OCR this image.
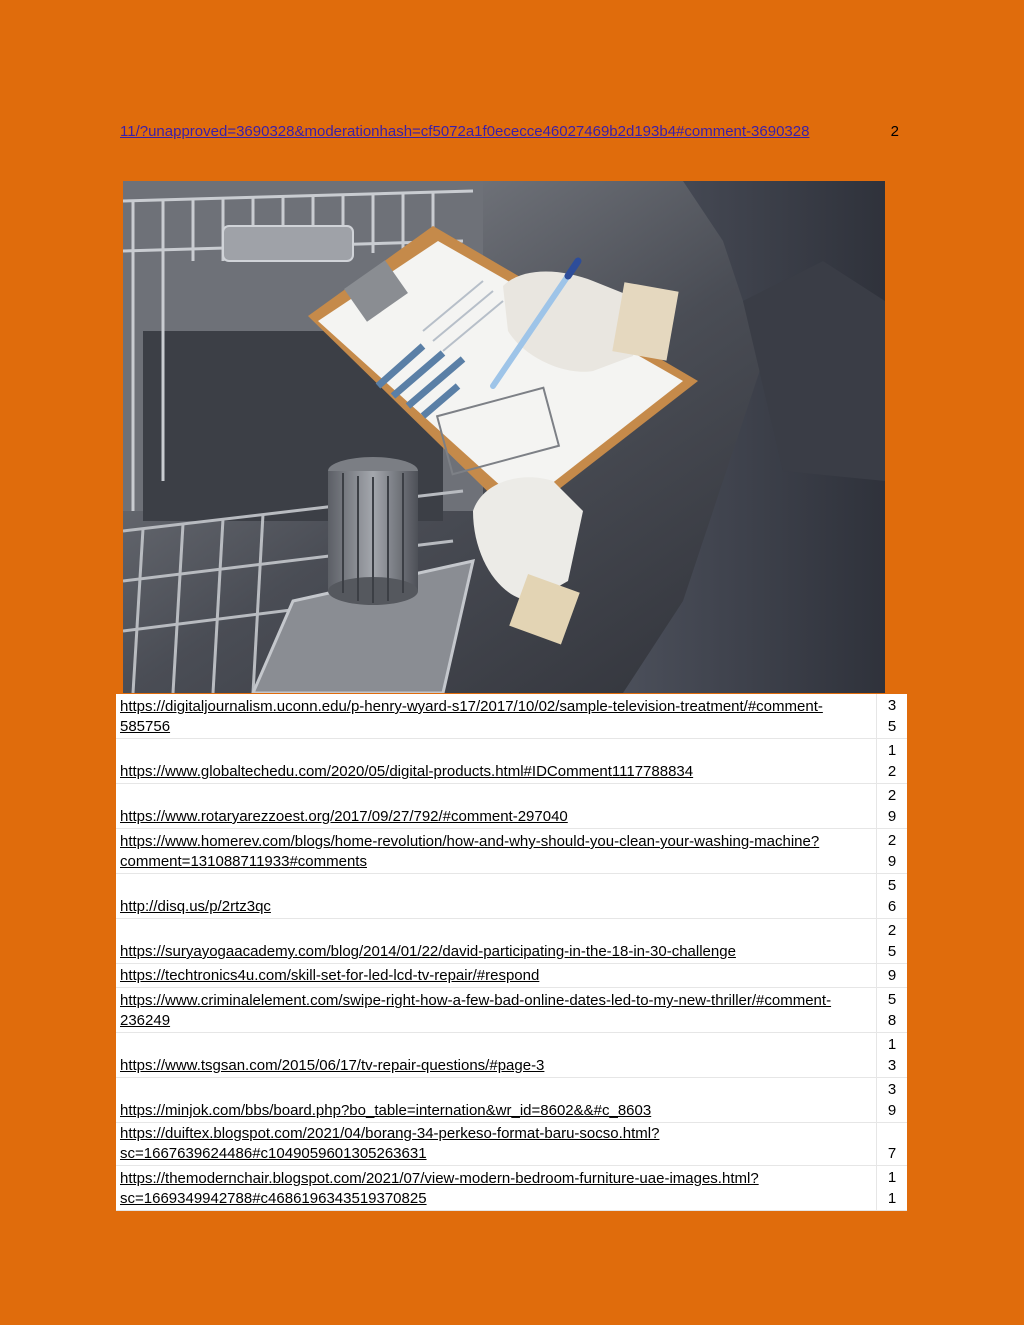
11/?unapproved=3690328&moderationhash=cf5072a1f0ececce46027469b2d193b4#comment-3690328	2
https://digitaljournalism.uconn.edu/p-henry-wyard-s17/2017/10/02/sample-television-treatment/#comment-585756	3
5

https://www.globaltechedu.com/2020/05/digital-products.html#IDComment1117788834	1
2

https://www.rotaryarezzoest.org/2017/09/27/792/#comment-297040	2
9

https://www.homerev.com/blogs/home-revolution/how-and-why-should-you-clean-your-washing-machine?comment=131088711933#comments	2
9

http://disq.us/p/2rtz3qc	5
6

https://suryayogaacademy.com/blog/2014/01/22/david-participating-in-the-18-in-30-challenge	2
5

https://techtronics4u.com/skill-set-for-led-lcd-tv-repair/#respond	9

https://www.criminalelement.com/swipe-right-how-a-few-bad-online-dates-led-to-my-new-thriller/#comment-236249	5
8

https://www.tsgsan.com/2015/06/17/tv-repair-questions/#page-3	1
3

https://minjok.com/bbs/board.php?bo_table=internation&wr_id=8602&&#c_8603	3
9

https://duiftex.blogspot.com/2021/04/borang-34-perkeso-format-baru-socso.html?sc=1667639624486#c1049059601305263631	7

https://themodernchair.blogspot.com/2021/07/view-modern-bedroom-furniture-uae-images.html?sc=1669349942788#c4686196343519370825	1
1
